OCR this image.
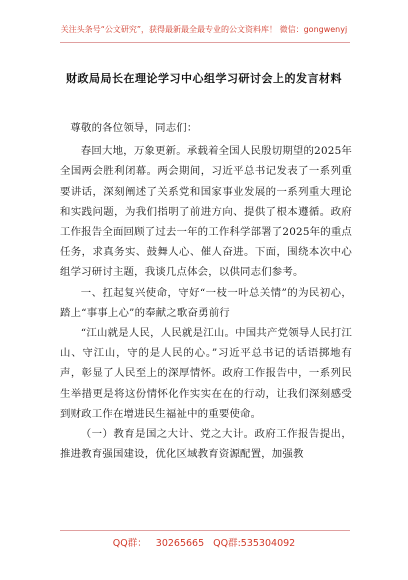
关注头条号“公文研究”，获得最新最全最专业的公文资料库！ 微信：gongwenyj
财政局局长在理论学习中心组学习研讨会上的发言材料

尊敬的各位领导，同志们：

春回大地，万象更新。承载着全国人民殷切期望的2025年全国两会胜利闭幕。两会期间，习近平总书记发表了一系列重要讲话，深刻阐述了关系党和国家事业发展的一系列重大理论和实践问题，为我们指明了前进方向、提供了根本遵循。政府工作报告全面回顾了过去一年的工作科学部署了2025年的重点任务，求真务实、鼓舞人心、催人奋进。下面，围绕本次中心组学习研讨主题，我谈几点体会，以供同志们参考。

一、扛起复兴使命，守好“一枝一叶总关情”的为民初心，踏上“事事上心”的奉献之歌奋勇前行

“江山就是人民，人民就是江山。中国共产党领导人民打江山、守江山，守的是人民的心。”习近平总书记的话语掷地有声，彰显了人民至上的深厚情怀。政府工作报告中，一系列民生举措更是将这份情怀化作实实在在的行动，让我们深刻感受到财政工作在增进民生福祉中的重要使命。

（一）教育是国之大计、党之大计。政府工作报告提出，推进教育强国建设，优化区域教育资源配置，加强教

QQ群： 30265665 QQ群:535304092
